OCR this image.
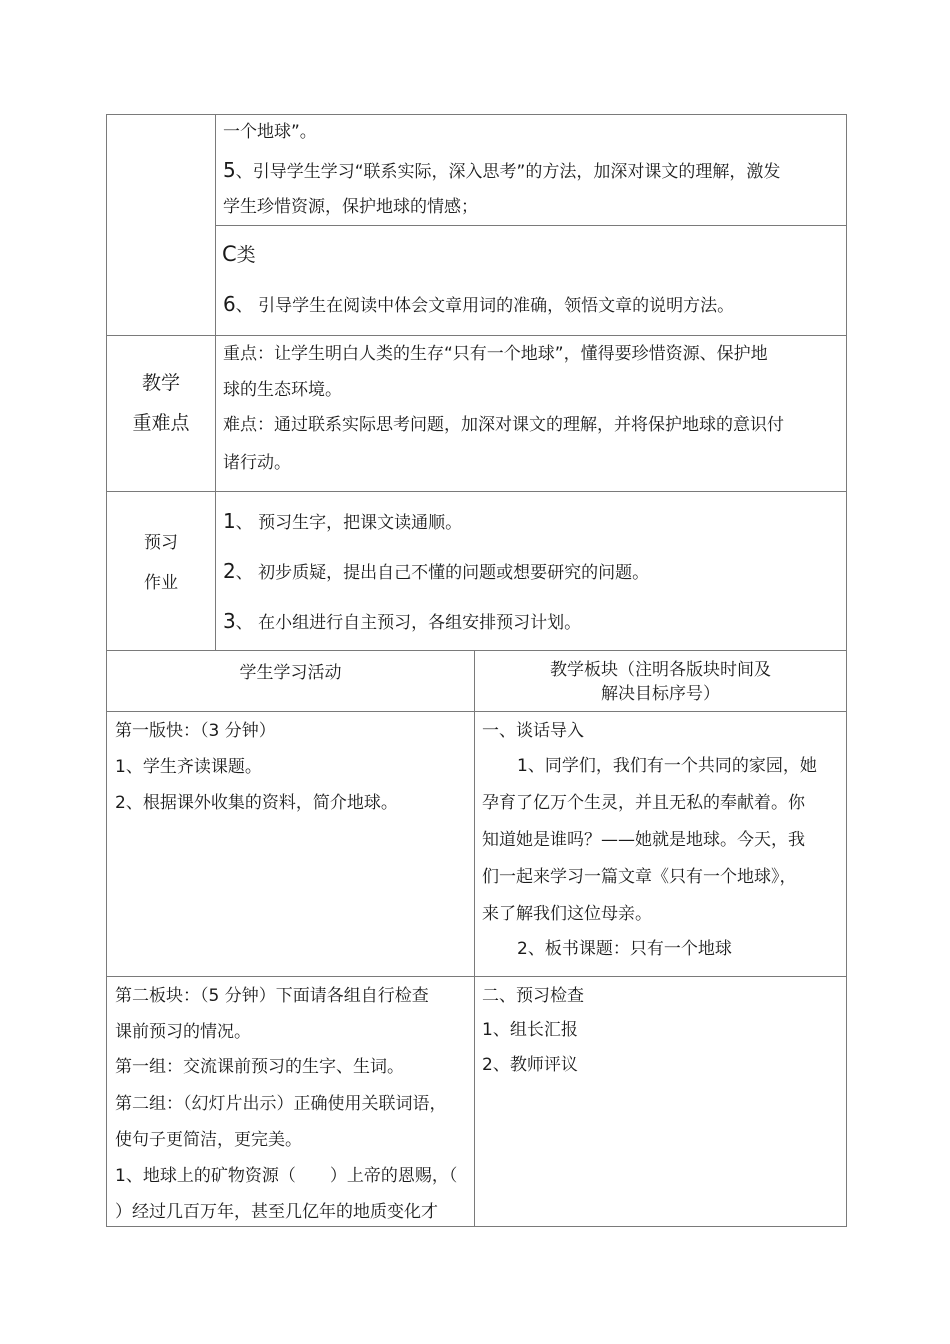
一个地球”。
5、引导学生学习“联系实际，深入思考”的方法，加深对课文的理解，激发
学生珍惜资源，保护地球的情感；
C类
6、 引导学生在阅读中体会文章用词的准确，领悟文章的说明方法。
教学
重难点
重点：让学生明白人类的生存“只有一个地球”，懂得要珍惜资源、保护地
球的生态环境。
难点：通过联系实际思考问题，加深对课文的理解，并将保护地球的意识付
诸行动。
预习
作业
1、 预习生字，把课文读通顺。
2、 初步质疑，提出自己不懂的问题或想要研究的问题。
3、 在小组进行自主预习，各组安排预习计划。
学生学习活动	教学板块（注明各版块时间及
解决目标序号）
第一版快：（3 分钟）
1、学生齐读课题。
2、根据课外收集的资料，简介地球。
一、谈话导入
1、同学们，我们有一个共同的家园，她
孕育了亿万个生灵，并且无私的奉献着。你
知道她是谁吗？——她就是地球。今天，我
们一起来学习一篇文章《只有一个地球》，
来了解我们这位母亲。
2、板书课题：只有一个地球
第二板块：（5 分钟）下面请各组自行检查
课前预习的情况。
第一组：交流课前预习的生字、生词。
第二组：（幻灯片出示）正确使用关联词语，
使句子更简洁，更完美。
1、地球上的矿物资源（　　）上帝的恩赐，（
）经过几百万年，甚至几亿年的地质变化才
二、预习检查
1、组长汇报
2、教师评议
